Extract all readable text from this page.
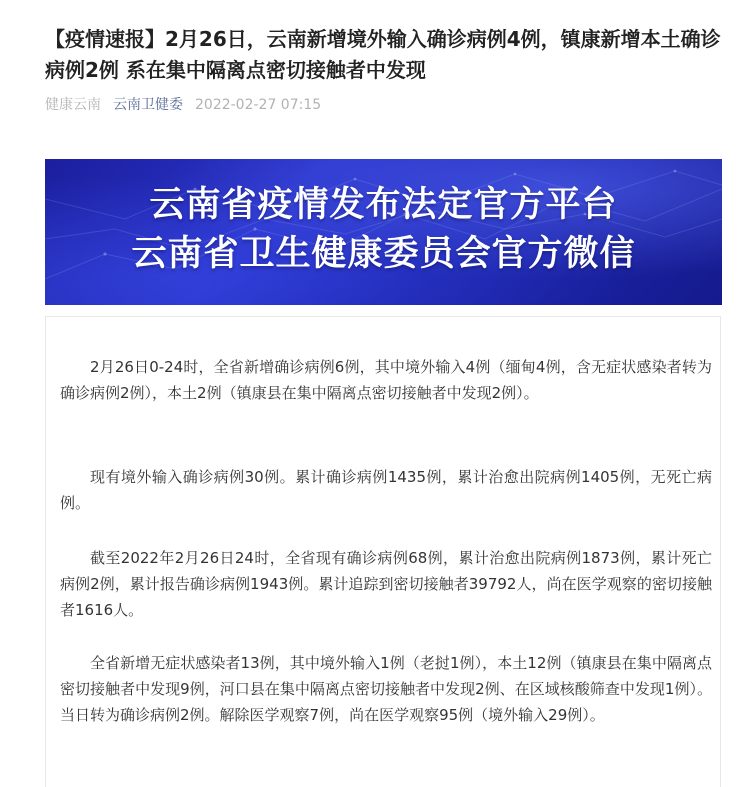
【疫情速报】2月26日，云南新增境外输入确诊病例4例，镇康新增本土确诊病例2例 系在集中隔离点密切接触者中发现
健康云南 云南卫健委 2022-02-27 07:15
云南省疫情发布法定官方平台
云南省卫生健康委员会官方微信

2月26日0-24时，全省新增确诊病例6例，其中境外输入4例（缅甸4例，含无症状感染者转为确诊病例2例），本土2例（镇康县在集中隔离点密切接触者中发现2例）。

现有境外输入确诊病例30例。累计确诊病例1435例，累计治愈出院病例1405例，无死亡病例。

截至2022年2月26日24时，全省现有确诊病例68例，累计治愈出院病例1873例，累计死亡病例2例，累计报告确诊病例1943例。累计追踪到密切接触者39792人，尚在医学观察的密切接触者1616人。

全省新增无症状感染者13例，其中境外输入1例（老挝1例），本土12例（镇康县在集中隔离点密切接触者中发现9例，河口县在集中隔离点密切接触者中发现2例、在区域核酸筛查中发现1例）。当日转为确诊病例2例。解除医学观察7例，尚在医学观察95例（境外输入29例）。
